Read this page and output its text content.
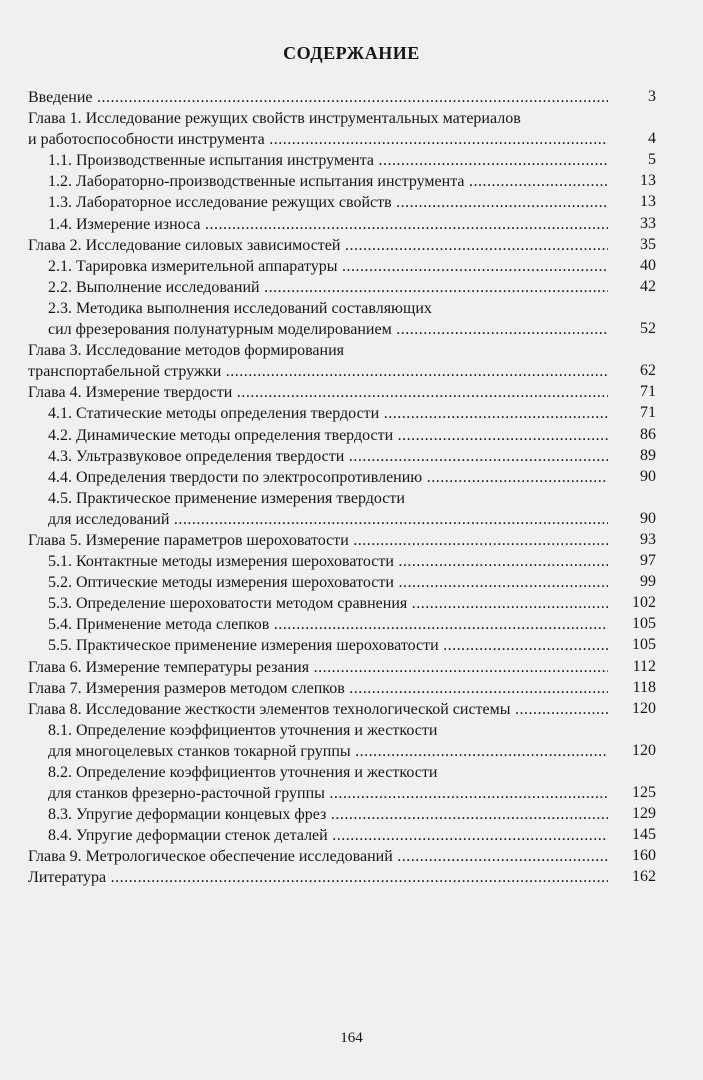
СОДЕРЖАНИЕ
Введение .....	3
Глава 1. Исследование режущих свойств инструментальных материалов
и работоспособности инструмента .....	4
1.1. Производственные испытания инструмента .....	5
1.2. Лабораторно-производственные испытания инструмента .....	13
1.3. Лабораторное исследование режущих свойств .....	13
1.4. Измерение износа .....	33
Глава 2. Исследование силовых зависимостей .....	35
2.1. Тарировка измерительной аппаратуры .....	40
2.2. Выполнение исследований .....	42
2.3. Методика выполнения исследований составляющих
сил фрезерования полунатурным моделированием .....	52
Глава 3. Исследование методов формирования
транспортабельной стружки .....	62
Глава 4. Измерение твердости .....	71
4.1. Статические методы определения твердости .....	71
4.2. Динамические методы определения твердости .....	86
4.3. Ультразвуковое определения твердости .....	89
4.4. Определения твердости по электросопротивлению .....	90
4.5. Практическое применение измерения твердости
для исследований .....	90
Глава 5. Измерение параметров шероховатости .....	93
5.1. Контактные методы измерения шероховатости .....	97
5.2. Оптические методы измерения шероховатости .....	99
5.3. Определение шероховатости методом сравнения .....	102
5.4. Применение метода слепков .....	105
5.5. Практическое применение измерения шероховатости .....	105
Глава 6. Измерение температуры резания .....	112
Глава 7. Измерения размеров методом слепков .....	118
Глава 8. Исследование жесткости элементов технологической системы .....	120
8.1. Определение коэффициентов уточнения и жесткости
для многоцелевых станков токарной группы .....	120
8.2. Определение коэффициентов уточнения и жесткости
для станков фрезерно-расточной группы .....	125
8.3. Упругие деформации концевых фрез .....	129
8.4. Упругие деформации стенок деталей .....	145
Глава 9. Метрологическое обеспечение исследований .....	160
Литература .....	162
164
